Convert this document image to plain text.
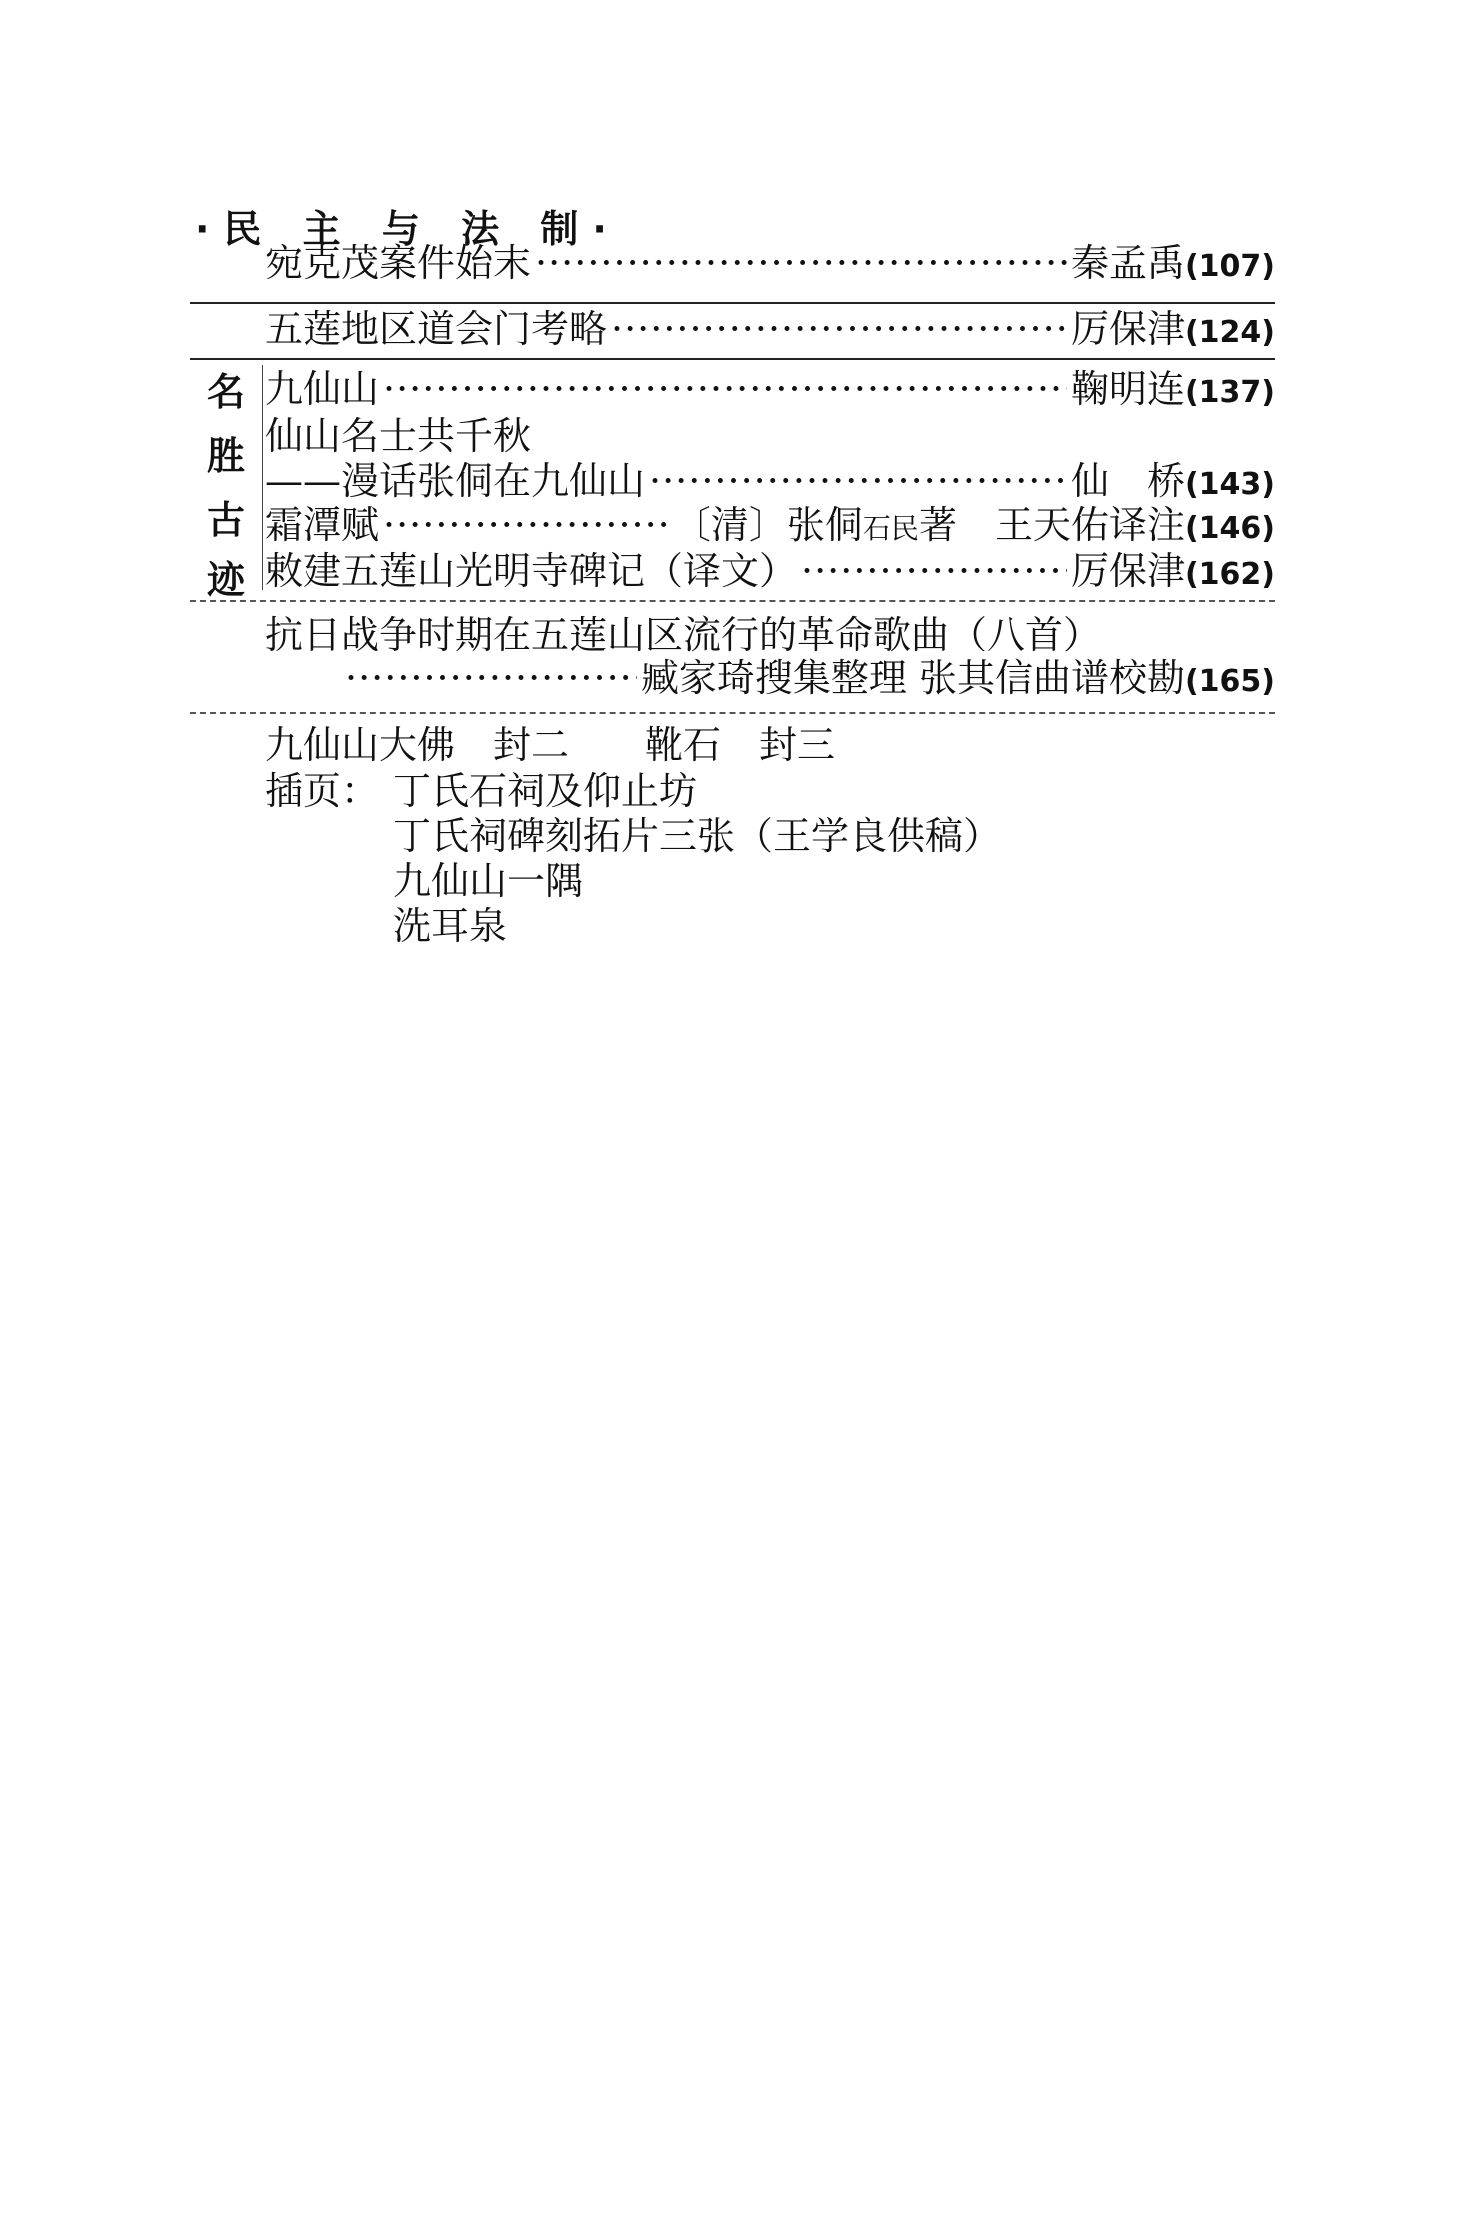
·民 主 与 法 制·
宛克茂案件始末 ·····	秦孟禹 (107)
五莲地区道会门考略 ·····	厉保津 (124)
名
胜
古
迹
九仙山 ·····	鞠明连 (137)
仙山名士共千秋
——漫话张侗在九仙山 ·····	仙　桥 (143)
霜潭赋 ·····	〔清〕张侗石民著　王天佑译注 (146)
敕建五莲山光明寺碑记（译文） ·····	厉保津 (162)
抗日战争时期在五莲山区流行的革命歌曲（八首）
·····
臧家琦搜集整理 张其信曲谱校勘 (165)
九仙山大佛　封二　　靴石　封三
插页： 丁氏石祠及仰止坊
丁氏祠碑刻拓片三张（王学良供稿）
九仙山一隅
洗耳泉
